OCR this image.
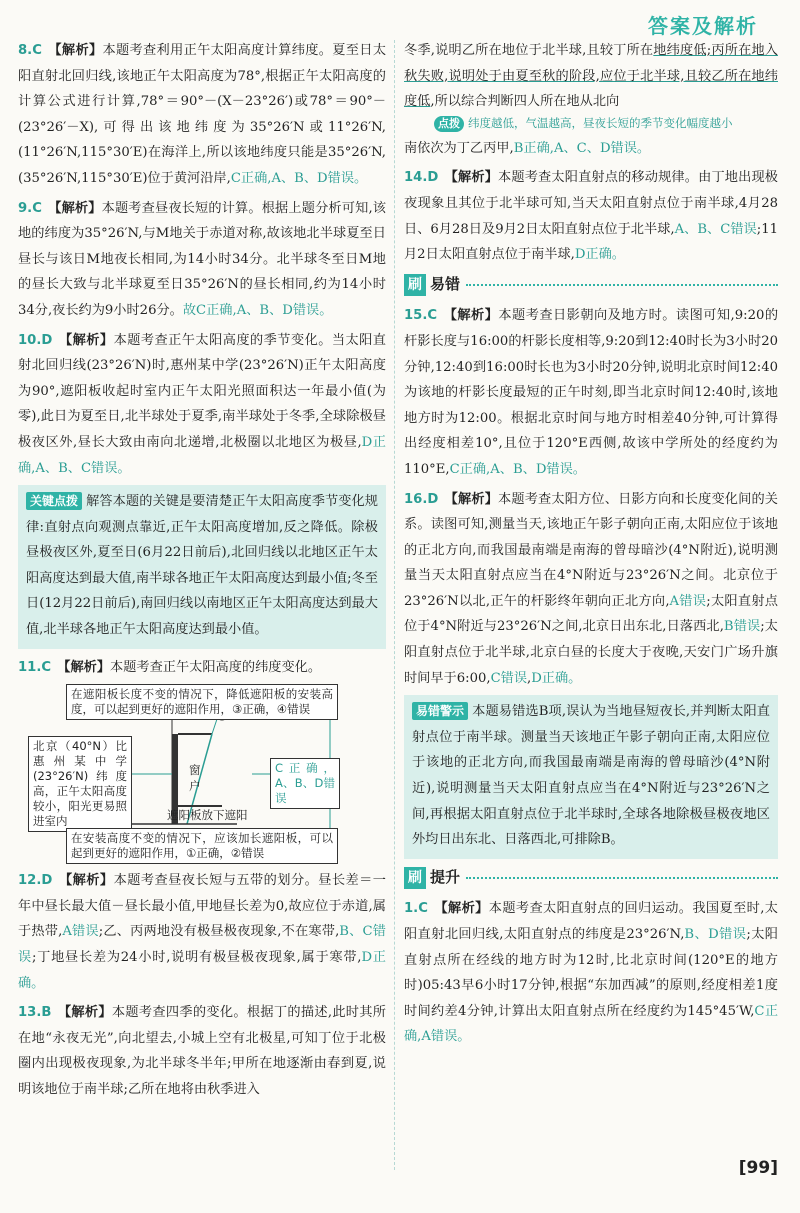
答案及解析

8.C 【解析】本题考查利用正午太阳高度计算纬度。夏至日太阳直射北回归线,该地正午太阳高度为78°,根据正午太阳高度的计算公式进行计算,78°＝90°－(X－23°26′)或78°＝90°－(23°26′－X),可得出该地纬度为35°26′N或11°26′N,(11°26′N,115°30′E)在海洋上,所以该地纬度只能是35°26′N,(35°26′N,115°30′E)位于黄河沿岸,C正确,A、B、D错误。

9.C 【解析】本题考查昼夜长短的计算。根据上题分析可知,该地的纬度为35°26′N,与M地关于赤道对称,故该地北半球夏至日昼长与该日M地夜长相同,为14小时34分。北半球冬至日M地的昼长大致与北半球夏至日35°26′N的昼长相同,约为14小时34分,夜长约为9小时26分。故C正确,A、B、D错误。

10.D 【解析】本题考查正午太阳高度的季节变化。当太阳直射北回归线(23°26′N)时,惠州某中学(23°26′N)正午太阳高度为90°,遮阳板收起时室内正午太阳光照面积达一年最小值(为零),此日为夏至日,北半球处于夏季,南半球处于冬季,全球除极昼极夜区外,昼长大致由南向北递增,北极圈以北地区为极昼,D正确,A、B、C错误。

关键点拨 解答本题的关键是要清楚正午太阳高度季节变化规律:直射点向观测点靠近,正午太阳高度增加,反之降低。除极昼极夜区外,夏至日(6月22日前后),北回归线以北地区正午太阳高度达到最大值,南半球各地正午太阳高度达到最小值;冬至日(12月22日前后),南回归线以南地区正午太阳高度达到最大值,北半球各地正午太阳高度达到最小值。

11.C 【解析】本题考查正午太阳高度的纬度变化。

在遮阳板长度不变的情况下，降低遮阳板的安装高度，可以起到更好的遮阳作用，③正确，④错误
北京（40°N）比惠州某中学(23°26′N)纬度高，正午太阳高度较小，阳光更易照进室内
C正确，A、B、D错误
窗户
遮阳板放下遮阳
在安装高度不变的情况下，应该加长遮阳板，可以起到更好的遮阳作用，①正确，②错误

12.D 【解析】本题考查昼夜长短与五带的划分。昼长差＝一年中昼长最大值－昼长最小值,甲地昼长差为0,故应位于赤道,属于热带,A错误;乙、丙两地没有极昼极夜现象,不在寒带,B、C错误;丁地昼长差为24小时,说明有极昼极夜现象,属于寒带,D正确。

13.B 【解析】本题考查四季的变化。根据丁的描述,此时其所在地“永夜无光”,向北望去,小城上空有北极星,可知丁位于北极圈内出现极夜现象,为北半球冬半年;甲所在地逐渐由春到夏,说明该地位于南半球;乙所在地将由秋季进入

冬季,说明乙所在地位于北半球,且较丁所在地纬度低;丙所在地入秋失败,说明处于由夏至秋的阶段,应位于北半球,且较乙所在地纬度低,所以综合判断四人所在地从北向

点拨 纬度越低，气温越高，昼夜长短的季节变化幅度越小

南依次为丁乙丙甲,B正确,A、C、D错误。

14.D 【解析】本题考查太阳直射点的移动规律。由丁地出现极夜现象且其位于北半球可知,当天太阳直射点位于南半球,4月28日、6月28日及9月2日太阳直射点位于北半球,A、B、C错误;11月2日太阳直射点位于南半球,D正确。

刷 易错

15.C 【解析】本题考查日影朝向及地方时。读图可知,9:20的杆影长度与16:00的杆影长度相等,9:20到12:40时长为3小时20分钟,12:40到16:00时长也为3小时20分钟,说明北京时间12:40为该地的杆影长度最短的正午时刻,即当北京时间12:40时,该地地方时为12:00。根据北京时间与地方时相差40分钟,可计算得出经度相差10°,且位于120°E西侧,故该中学所处的经度约为110°E,C正确,A、B、D错误。

16.D 【解析】本题考查太阳方位、日影方向和长度变化间的关系。读图可知,测量当天,该地正午影子朝向正南,太阳应位于该地的正北方向,而我国最南端是南海的曾母暗沙(4°N附近),说明测量当天太阳直射点应当在4°N附近与23°26′N之间。北京位于23°26′N以北,正午的杆影终年朝向正北方向,A错误;太阳直射点位于4°N附近与23°26′N之间,北京日出东北,日落西北,B错误;太阳直射点位于北半球,北京白昼的长度大于夜晚,天安门广场升旗时间早于6:00,C错误,D正确。

易错警示 本题易错选B项,误认为当地昼短夜长,并判断太阳直射点位于南半球。测量当天该地正午影子朝向正南,太阳应位于该地的正北方向,而我国最南端是南海的曾母暗沙(4°N附近),说明测量当天太阳直射点应当在4°N附近与23°26′N之间,再根据太阳直射点位于北半球时,全球各地除极昼极夜地区外均日出东北、日落西北,可排除B。
刷 提升

1.C 【解析】本题考查太阳直射点的回归运动。我国夏至时,太阳直射北回归线,太阳直射点的纬度是23°26′N,B、D错误;太阳直射点所在经线的地方时为12时,比北京时间(120°E的地方时)05:43早6小时17分钟,根据“东加西减”的原则,经度相差1度时间约差4分钟,计算出太阳直射点所在经度约为145°45′W,C正确,A错误。

[99]
